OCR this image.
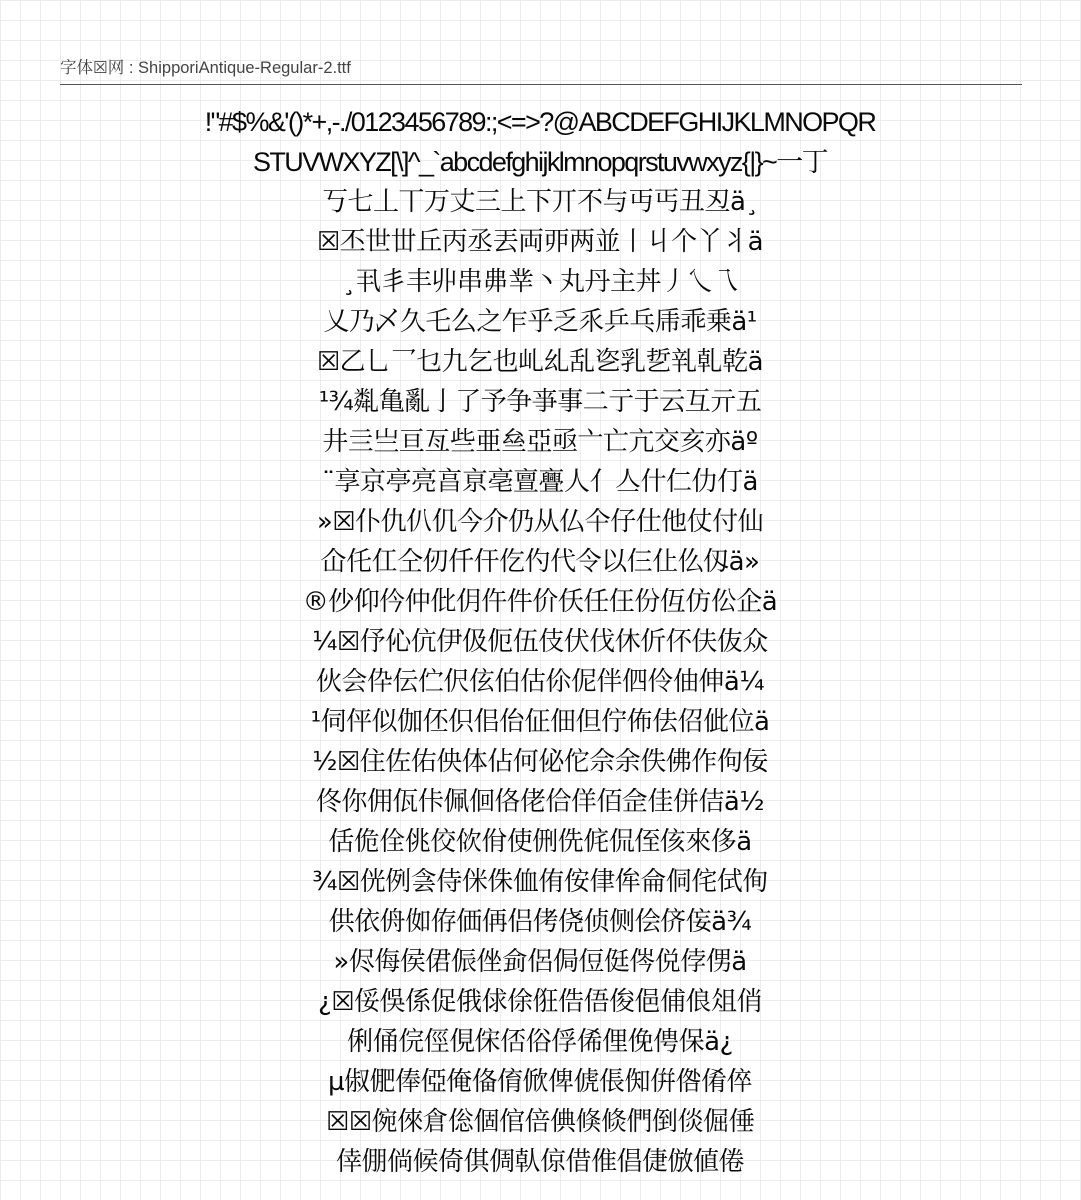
字体☒网 : ShipporiAntique-Regular-2.ttf
!"#$%&'()*+,-./0123456789:;<=>?@ABCDEFGHIJKLMNOPQR
STUVWXYZ[\]^_`abcdefghijklmnopqrstuvwxyz{|}~一丁
丂七丄丅万丈三上下丌不与丏丐丑丒ä¸
☒丕世丗丘丙丞丟両丣两並丨丩个丫丬ä
¸丮丯丰丱串丳丵丶丸丹主丼丿乀乁
乂乃乄久乇么之乍乎乏乑乒乓乕乖乗ä¹
☒乙乚乛乜九乞也乢乣乱乲乳乴乵乹乾ä
¹¾亃亀亂亅了予争亊事二亍于云互亓五
井亖亗亘亙些亜亝亞亟亠亡亢交亥亦äº
¨享京亭亮亯亰亳亶亹人亻亼什仁仂仃ä
»☒仆仇仈仉今介仍从仏仐仔仕他仗付仙
仚仛仜仝仞仟仠仡仢代令以仨仩仫仭ä»
®仯仰仱仲仳仴仵件价仸任仼份仾仿伀企ä
¼☒伃伈伉伊伋伌伍伎伏伐休伒伓伕伖众
伙会伜伝伫伬伭伯估伱伲伴伵伶伷伸ä¼
¹伺伻似伽伾伿佀佁佂佃但佇佈佉佋佌位ä
½☒住佐佑佒体佔何佖佗佘余佚佛作佝佞
佟你佣佤佧佩佪佫佬佮佯佰佱佳併佶ä½
佸佹佺佻佼佽佾使侀侁侂侃侄侅來侈ä
¾☒侊例侌侍侎侏侐侑侒侓侔侖侗侘侙侚
供依侜侞侟価侢侣侤侥侦侧侩侪侫ä¾
»侭侮侯侰侲侳侴侶侷侸侹侺侻侼侽ä
¿☒俀俁係促俄俅俆俇俈俉俊俋俌俍俎俏
俐俑俒俓俔俕俖俗俘俙俚俛俜保ä¿
µ俶俷俸俹俺俻俼俽俾俿倀倁倂倃倄倅
☒☒倇倈倉倊個倌倍倎倏倐們倒倓倔倕
倖倗倘候倚倛倜倝倞借倠倡倢倣値倦
